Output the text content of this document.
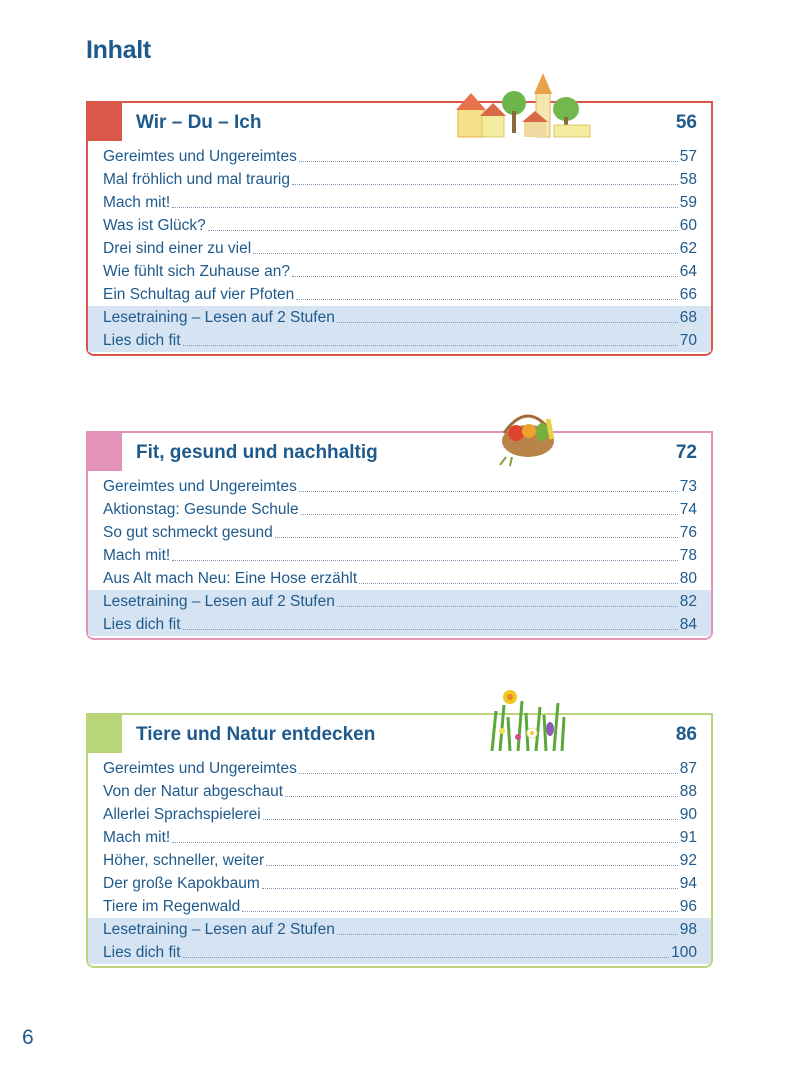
Inhalt
Wir – Du – Ich	56
Gereimtes und Ungereimtes	57
Mal fröhlich und mal traurig	58
Mach mit!	59
Was ist Glück?	60
Drei sind einer zu viel	62
Wie fühlt sich Zuhause an?	64
Ein Schultag auf vier Pfoten	66
Lesetraining – Lesen auf 2 Stufen	68
Lies dich fit	70
Fit, gesund und nachhaltig	72
Gereimtes und Ungereimtes	73
Aktionstag: Gesunde Schule	74
So gut schmeckt gesund	76
Mach mit!	78
Aus Alt mach Neu: Eine Hose erzählt	80
Lesetraining – Lesen auf 2 Stufen	82
Lies dich fit	84
Tiere und Natur entdecken	86
Gereimtes und Ungereimtes	87
Von der Natur abgeschaut	88
Allerlei Sprachspielerei	90
Mach mit!	91
Höher, schneller, weiter	92
Der große Kapokbaum	94
Tiere im Regenwald	96
Lesetraining – Lesen auf 2 Stufen	98
Lies dich fit	100
6
